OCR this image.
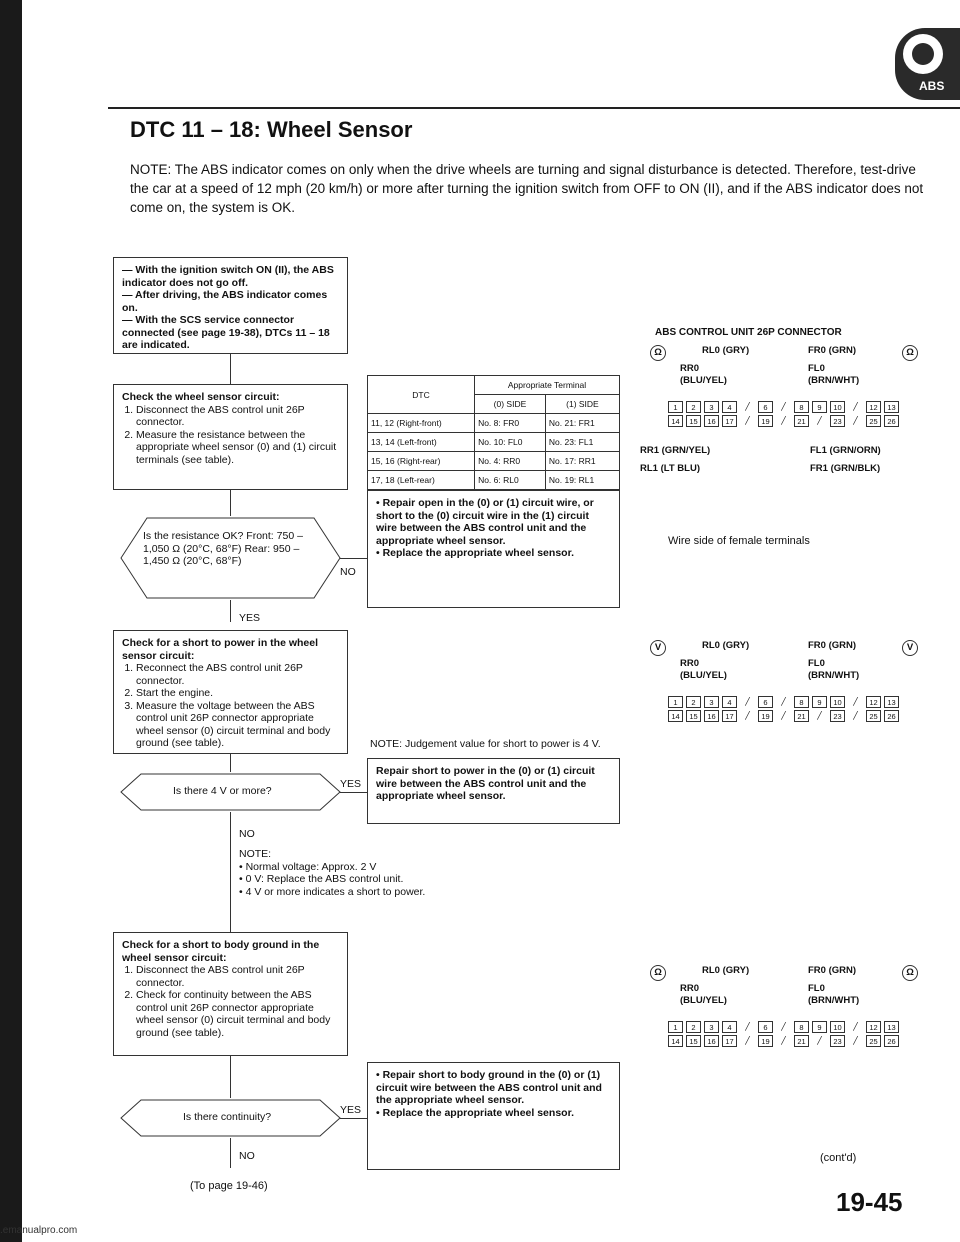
ABS
DTC 11 – 18: Wheel Sensor
NOTE: The ABS indicator comes on only when the drive wheels are turning and signal disturbance is detected. Therefore, test-drive the car at a speed of 12 mph (20 km/h) or more after turning the ignition switch from OFF to ON (II), and if the ABS indicator does not come on, the system is OK.
— With the ignition switch ON (II), the ABS indicator does not go off.
— After driving, the ABS indicator comes on.
— With the SCS service connector connected (see page 19-38), DTCs 11 – 18 are indicated.
Check the wheel sensor circuit:
1. Disconnect the ABS control unit 26P connector.
2. Measure the resistance between the appropriate wheel sensor (0) and (1) circuit terminals (see table).
Is the resistance OK? Front: 750 – 1,050 Ω (20°C, 68°F) Rear: 950 – 1,450 Ω (20°C, 68°F)
NO
• Repair open in the (0) or (1) circuit wire, or short to the (0) circuit wire in the (1) circuit wire between the ABS control unit and the appropriate wheel sensor.
• Replace the appropriate wheel sensor.
YES
Check for a short to power in the wheel sensor circuit:
1. Reconnect the ABS control unit 26P connector.
2. Start the engine.
3. Measure the voltage between the ABS control unit 26P connector appropriate wheel sensor (0) circuit terminal and body ground (see table).	NOTE: Judgement value for short to power is 4 V.
Is there 4 V or more?
YES
Repair short to power in the (0) or (1) circuit wire between the ABS control unit and the appropriate wheel sensor.
NO
NOTE:
• Normal voltage: Approx. 2 V
• 0 V: Replace the ABS control unit.
• 4 V or more indicates a short to power.
Check for a short to body ground in the wheel sensor circuit:
1. Disconnect the ABS control unit 26P connector.
2. Check for continuity between the ABS control unit 26P connector appropriate wheel sensor (0) circuit terminal and body ground (see table).
Is there continuity?
YES
• Repair short to body ground in the (0) or (1) circuit wire between the ABS control unit and the appropriate wheel sensor.
• Replace the appropriate wheel sensor.
NO
(To page 19-46)
DTC	Appropriate Terminal	
	(0) SIDE	(1) SIDE
11, 12 (Right-front)	No. 8: FR0	No. 21: FR1
13, 14 (Left-front)	No. 10: FL0	No. 23: FL1
15, 16 (Right-rear)	No. 4: RR0	No. 17: RR1
17, 18 (Left-rear)	No. 6: RL0	No. 19: RL1
ABS CONTROL UNIT 26P CONNECTOR
RL0 (GRY)	FR0 (GRN)
RR0
(BLU/YEL)
FL0
(BRN/WHT)
Ω	Ω
1	2	3	4	╱	6	╱	8	9	10	╱	12	13
14	15	16	17	╱	19	╱	21	╱	23	╱	25	26
RR1 (GRN/YEL)	FL1 (GRN/ORN)
RL1 (LT BLU)	FR1 (GRN/BLK)
Wire side of female terminals
RL0 (GRY)	FR0 (GRN)
RR0
(BLU/YEL)
FL0
(BRN/WHT)
V	V
1	2	3	4	╱	6	╱	8	9	10	╱	12	13
14	15	16	17	╱	19	╱	21	╱	23	╱	25	26
RL0 (GRY)	FR0 (GRN)
RR0
(BLU/YEL)
FL0
(BRN/WHT)
Ω	Ω
1	2	3	4	╱	6	╱	8	9	10	╱	12	13
14	15	16	17	╱	19	╱	21	╱	23	╱	25	26
(cont'd)
19-45
.emanualpro.com
